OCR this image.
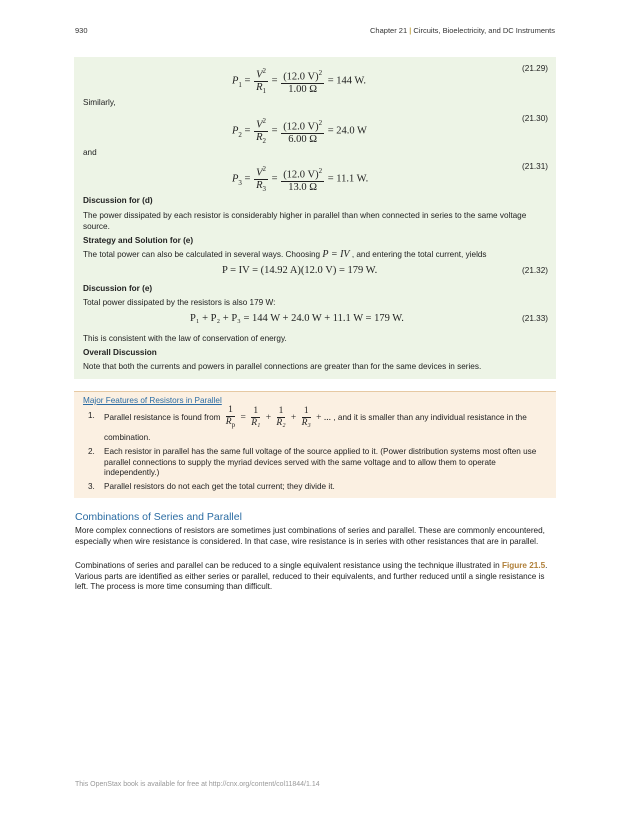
930	Chapter 21 | Circuits, Bioelectricity, and DC Instruments
$P_1 = \frac{V^2}{R_1} = \frac{(12.0 V)^2}{1.00 \Omega} = 144$ W.
(21.29)
Similarly,
$P_2 = \frac{V^2}{R_2} = \frac{(12.0 V)^2}{6.00 \Omega} = 24.0$ W
(21.30)
and
$P_3 = \frac{V^2}{R_3} = \frac{(12.0 V)^2}{13.0 \Omega} = 11.1$ W.
(21.31)
Discussion for (d)
The power dissipated by each resistor is considerably higher in parallel than when connected in series to the same voltage source.
Strategy and Solution for (e)
The total power can also be calculated in several ways. Choosing P = IV , and entering the total current, yields
P = IV = (14.92 A)(12.0 V) = 179 W.	(21.32)
Discussion for (e)
Total power dissipated by the resistors is also 179 W:
P₁ + P₂ + P₃ = 144 W + 24.0 W + 11.1 W = 179 W.	(21.33)
This is consistent with the law of conservation of energy.
Overall Discussion
Note that both the currents and powers in parallel connections are greater than for the same devices in series.
Major Features of Resistors in Parallel
1. Parallel resistance is found from $\frac{1}{R_p} = \frac{1}{\text{R₁}} + \frac{1}{\text{R₂}} + \frac{1}{\text{R₃}}$ + ... , and it is smaller than any individual resistance in the
combination.
2. Each resistor in parallel has the same full voltage of the source applied to it. (Power distribution systems most often use parallel connections to supply the myriad devices served with the same voltage and to allow them to operate independently.)
3. Parallel resistors do not each get the total current; they divide it.
Combinations of Series and Parallel
More complex connections of resistors are sometimes just combinations of series and parallel. These are commonly encountered, especially when wire resistance is considered. In that case, wire resistance is in series with other resistances that are in parallel.
Combinations of series and parallel can be reduced to a single equivalent resistance using the technique illustrated in Figure 21.5. Various parts are identified as either series or parallel, reduced to their equivalents, and further reduced until a single resistance is left. The process is more time consuming than difficult.
This OpenStax book is available for free at http://cnx.org/content/col11844/1.14
